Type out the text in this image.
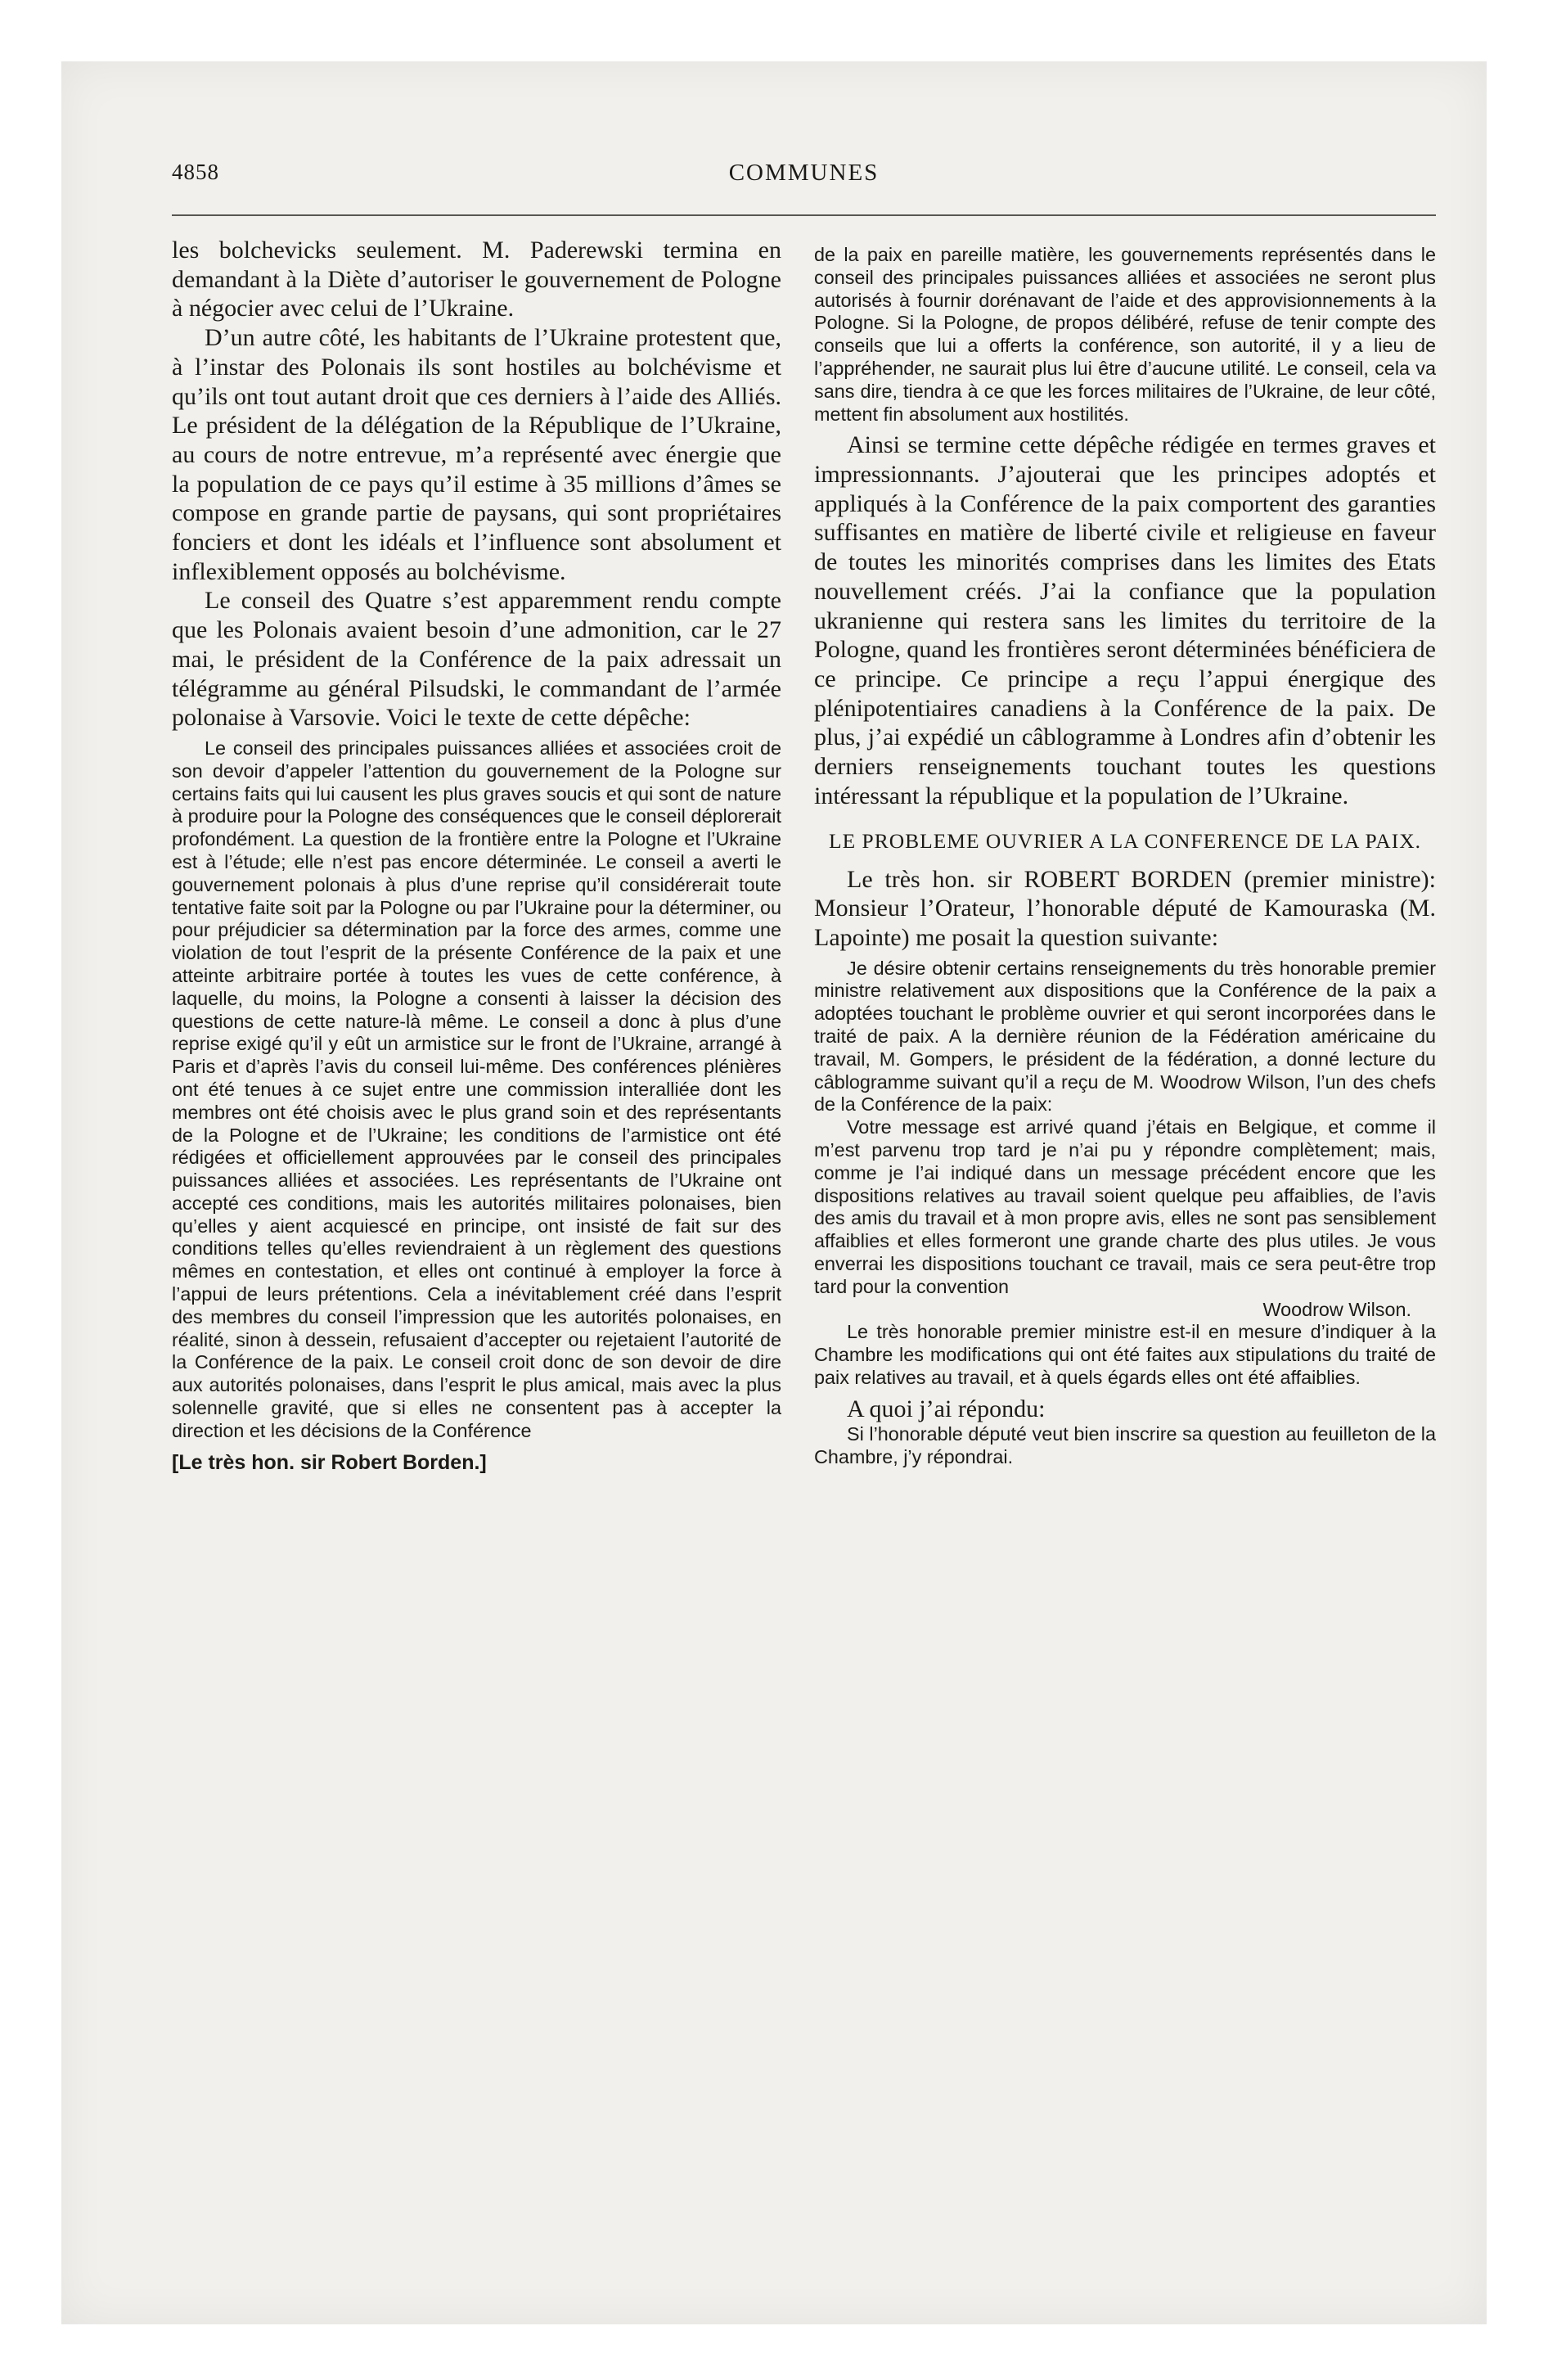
4858	COMMUNES

les bolchevicks seulement. M. Paderewski termina en demandant à la Diète d’autoriser le gouvernement de Pologne à négocier avec celui de l’Ukraine.

D’un autre côté, les habitants de l’Ukraine protestent que, à l’instar des Polonais ils sont hostiles au bolchévisme et qu’ils ont tout autant droit que ces derniers à l’aide des Alliés. Le président de la délégation de la République de l’Ukraine, au cours de notre entrevue, m’a représenté avec énergie que la population de ce pays qu’il estime à 35 millions d’âmes se compose en grande partie de paysans, qui sont propriétaires fonciers et dont les idéals et l’influence sont absolument et inflexiblement opposés au bolchévisme.

Le conseil des Quatre s’est apparemment rendu compte que les Polonais avaient besoin d’une admonition, car le 27 mai, le président de la Conférence de la paix adressait un télégramme au général Pilsudski, le commandant de l’armée polonaise à Varsovie. Voici le texte de cette dépêche:

Le conseil des principales puissances alliées et associées croit de son devoir d’appeler l’attention du gouvernement de la Pologne sur certains faits qui lui causent les plus graves soucis et qui sont de nature à produire pour la Pologne des conséquences que le conseil déplorerait profondément. La question de la frontière entre la Pologne et l’Ukraine est à l’étude; elle n’est pas encore déterminée. Le conseil a averti le gouvernement polonais à plus d’une reprise qu’il considérerait toute tentative faite soit par la Pologne ou par l’Ukraine pour la déterminer, ou pour préjudicier sa détermination par la force des armes, comme une violation de tout l’esprit de la présente Conférence de la paix et une atteinte arbitraire portée à toutes les vues de cette conférence, à laquelle, du moins, la Pologne a consenti à laisser la décision des questions de cette nature-là même. Le conseil a donc à plus d’une reprise exigé qu’il y eût un armistice sur le front de l’Ukraine, arrangé à Paris et d’après l’avis du conseil lui-même. Des conférences plénières ont été tenues à ce sujet entre une commission interalliée dont les membres ont été choisis avec le plus grand soin et des représentants de la Pologne et de l’Ukraine; les conditions de l’armistice ont été rédigées et officiellement approuvées par le conseil des principales puissances alliées et associées. Les représentants de l’Ukraine ont accepté ces conditions, mais les autorités militaires polonaises, bien qu’elles y aient acquiescé en principe, ont insisté de fait sur des conditions telles qu’elles reviendraient à un règlement des questions mêmes en contestation, et elles ont continué à employer la force à l’appui de leurs prétentions. Cela a inévitablement créé dans l’esprit des membres du conseil l’impression que les autorités polonaises, en réalité, sinon à dessein, refusaient d’accepter ou rejetaient l’autorité de la Conférence de la paix. Le conseil croit donc de son devoir de dire aux autorités polonaises, dans l’esprit le plus amical, mais avec la plus solennelle gravité, que si elles ne consentent pas à accepter la direction et les décisions de la Conférence

[Le très hon. sir Robert Borden.]

de la paix en pareille matière, les gouvernements représentés dans le conseil des principales puissances alliées et associées ne seront plus autorisés à fournir dorénavant de l’aide et des approvisionnements à la Pologne. Si la Pologne, de propos délibéré, refuse de tenir compte des conseils que lui a offerts la conférence, son autorité, il y a lieu de l’appréhender, ne saurait plus lui être d’aucune utilité. Le conseil, cela va sans dire, tiendra à ce que les forces militaires de l’Ukraine, de leur côté, mettent fin absolument aux hostilités.

Ainsi se termine cette dépêche rédigée en termes graves et impressionnants. J’ajouterai que les principes adoptés et appliqués à la Conférence de la paix comportent des garanties suffisantes en matière de liberté civile et religieuse en faveur de toutes les minorités comprises dans les limites des Etats nouvellement créés. J’ai la confiance que la population ukranienne qui restera sans les limites du territoire de la Pologne, quand les frontières seront déterminées bénéficiera de ce principe. Ce principe a reçu l’appui énergique des plénipotentiaires canadiens à la Conférence de la paix. De plus, j’ai expédié un câblogramme à Londres afin d’obtenir les derniers renseignements touchant toutes les questions intéressant la république et la population de l’Ukraine.

LE PROBLEME OUVRIER A LA CONFERENCE DE LA PAIX.

Le très hon. sir ROBERT BORDEN (premier ministre): Monsieur l’Orateur, l’honorable député de Kamouraska (M. Lapointe) me posait la question suivante:

Je désire obtenir certains renseignements du très honorable premier ministre relativement aux dispositions que la Conférence de la paix a adoptées touchant le problème ouvrier et qui seront incorporées dans le traité de paix. A la dernière réunion de la Fédération américaine du travail, M. Gompers, le président de la fédération, a donné lecture du câblogramme suivant qu’il a reçu de M. Woodrow Wilson, l’un des chefs de la Conférence de la paix:

Votre message est arrivé quand j’étais en Belgique, et comme il m’est parvenu trop tard je n’ai pu y répondre complètement; mais, comme je l’ai indiqué dans un message précédent encore que les dispositions relatives au travail soient quelque peu affaiblies, de l’avis des amis du travail et à mon propre avis, elles ne sont pas sensiblement affaiblies et elles formeront une grande charte des plus utiles. Je vous enverrai les dispositions touchant ce travail, mais ce sera peut-être trop tard pour la convention

Woodrow Wilson.

Le très honorable premier ministre est-il en mesure d’indiquer à la Chambre les modifications qui ont été faites aux stipulations du traité de paix relatives au travail, et à quels égards elles ont été affaiblies.

A quoi j’ai répondu:

Si l’honorable député veut bien inscrire sa question au feuilleton de la Chambre, j’y répondrai.
